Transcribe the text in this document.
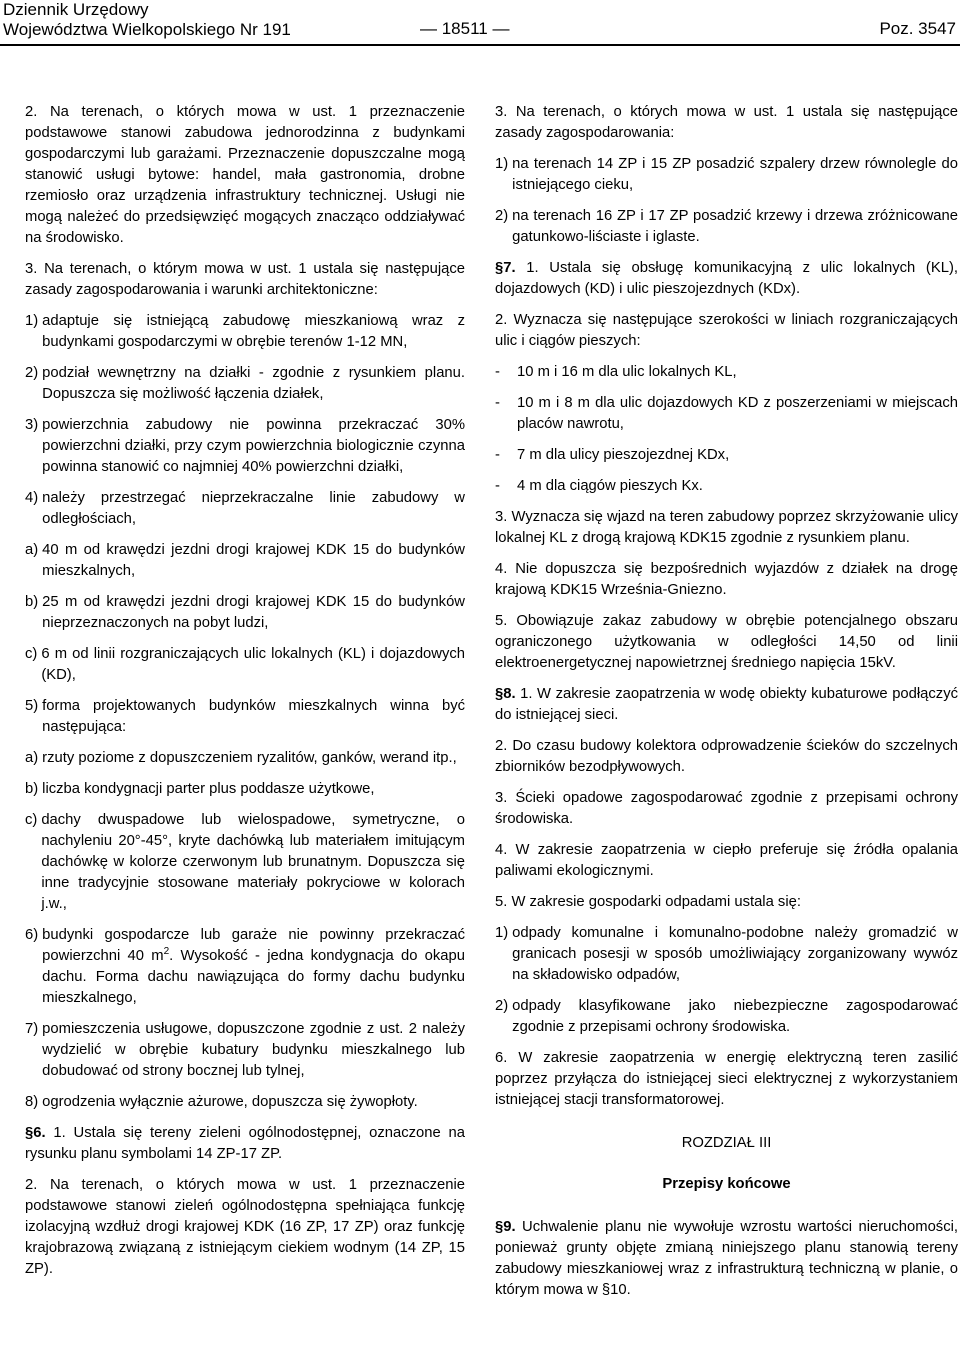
Dziennik Urzędowy
Województwa Wielkopolskiego Nr 191	— 18511 —	Poz. 3547

2. Na terenach, o których mowa w ust. 1 przeznaczenie podstawowe stanowi zabudowa jednorodzinna z budynkami gospodarczymi lub garażami. Przeznaczenie dopuszczalne mogą stanowić usługi bytowe: handel, mała gastronomia, drobne rzemiosło oraz urządzenia infrastruktury technicznej. Usługi nie mogą należeć do przedsięwzięć mogących znacząco oddziaływać na środowisko.

3. Na terenach, o którym mowa w ust. 1 ustala się następujące zasady zagospodarowania i warunki architektoniczne:

1) adaptuje się istniejącą zabudowę mieszkaniową wraz z budynkami gospodarczymi w obrębie terenów 1-12 MN,
2) podział wewnętrzny na działki - zgodnie z rysunkiem planu. Dopuszcza się możliwość łączenia działek,
3) powierzchnia zabudowy nie powinna przekraczać 30% powierzchni działki, przy czym powierzchnia biologicznie czynna powinna stanowić co najmniej 40% powierzchni działki,
4) należy przestrzegać nieprzekraczalne linie zabudowy w odległościach,
a) 40 m od krawędzi jezdni drogi krajowej KDK 15 do budynków mieszkalnych,
b) 25 m od krawędzi jezdni drogi krajowej KDK 15 do budynków nieprzeznaczonych na pobyt ludzi,
c) 6 m od linii rozgraniczających ulic lokalnych (KL) i dojazdowych (KD),
5) forma projektowanych budynków mieszkalnych winna być następująca:
a) rzuty poziome z dopuszczeniem ryzalitów, ganków, werand itp.,
b) liczba kondygnacji parter plus poddasze użytkowe,
c) dachy dwuspadowe lub wielospadowe, symetryczne, o nachyleniu 20°-45°, kryte dachówką lub materiałem imitującym dachówkę w kolorze czerwonym lub brunatnym. Dopuszcza się inne tradycyjnie stosowane materiały pokryciowe w kolorach j.w.,
6) budynki gospodarcze lub garaże nie powinny przekraczać powierzchni 40 $m^2$. Wysokość - jedna kondygnacja do okapu dachu. Forma dachu nawiązująca do formy dachu budynku mieszkalnego,
7) pomieszczenia usługowe, dopuszczone zgodnie z ust. 2 należy wydzielić w obrębie kubatury budynku mieszkalnego lub dobudować od strony bocznej lub tylnej,
8) ogrodzenia wyłącznie ażurowe, dopuszcza się żywopłoty.

§6. 1. Ustala się tereny zieleni ogólnodostępnej, oznaczone na rysunku planu symbolami 14 ZP-17 ZP.

2. Na terenach, o których mowa w ust. 1 przeznaczenie podstawowe stanowi zieleń ogólnodostępna spełniająca funkcję izolacyjną wzdłuż drogi krajowej KDK (16 ZP, 17 ZP) oraz funkcję krajobrazową związaną z istniejącym ciekiem wodnym (14 ZP, 15 ZP).

3. Na terenach, o których mowa w ust. 1 ustala się następujące zasady zagospodarowania:

1) na terenach 14 ZP i 15 ZP posadzić szpalery drzew równolegle do istniejącego cieku,
2) na terenach 16 ZP i 17 ZP posadzić krzewy i drzewa zróżnicowane gatunkowo-liściaste i iglaste.

§7. 1. Ustala się obsługę komunikacyjną z ulic lokalnych (KL), dojazdowych (KD) i ulic pieszojezdnych (KDx).

2. Wyznacza się następujące szerokości w liniach rozgraniczających ulic i ciągów pieszych:

-	10 m i 16 m dla ulic lokalnych KL,
-	10 m i 8 m dla ulic dojazdowych KD z poszerzeniami w miejscach placów nawrotu,
-	7 m dla ulicy pieszojezdnej KDx,
-	4 m dla ciągów pieszych Kx.

3. Wyznacza się wjazd na teren zabudowy poprzez skrzyżowanie ulicy lokalnej KL z drogą krajową KDK15 zgodnie z rysunkiem planu.

4. Nie dopuszcza się bezpośrednich wyjazdów z działek na drogę krajową KDK15 Września-Gniezno.

5. Obowiązuje zakaz zabudowy w obrębie potencjalnego obszaru ograniczonego użytkowania w odległości 14,50 od linii elektroenergetycznej napowietrznej średniego napięcia 15kV.

§8. 1. W zakresie zaopatrzenia w wodę obiekty kubaturowe podłączyć do istniejącej sieci.

2. Do czasu budowy kolektora odprowadzenie ścieków do szczelnych zbiorników bezodpływowych.

3. Ścieki opadowe zagospodarować zgodnie z przepisami ochrony środowiska.

4. W zakresie zaopatrzenia w ciepło preferuje się źródła opalania paliwami ekologicznymi.

5. W zakresie gospodarki odpadami ustala się:

1) odpady komunalne i komunalno-podobne należy gromadzić w granicach posesji w sposób umożliwiający zorganizowany wywóz na składowisko odpadów,
2) odpady klasyfikowane jako niebezpieczne zagospodarować zgodnie z przepisami ochrony środowiska.

6. W zakresie zaopatrzenia w energię elektryczną teren zasilić poprzez przyłącza do istniejącej sieci elektrycznej z wykorzystaniem istniejącej stacji transformatorowej.

ROZDZIAŁ III

Przepisy końcowe

§9. Uchwalenie planu nie wywołuje wzrostu wartości nieruchomości, ponieważ grunty objęte zmianą niniejszego planu stanowią tereny zabudowy mieszkaniowej wraz z infrastrukturą techniczną w planie, o którym mowa w §10.
